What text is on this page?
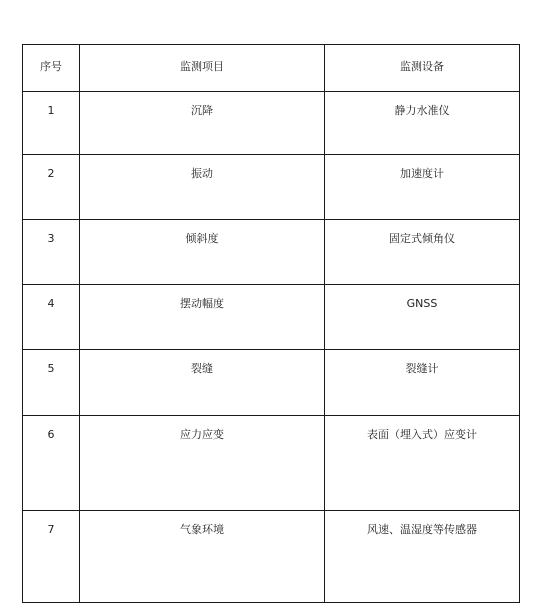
序号	监测项目	监测设备
1	沉降	静力水准仪
2	振动	加速度计
3	倾斜度	固定式倾角仪
4	摆动幅度	GNSS
5	裂缝	裂缝计
6	应力应变	表面（埋入式）应变计
7	气象环境	风速、温湿度等传感器
